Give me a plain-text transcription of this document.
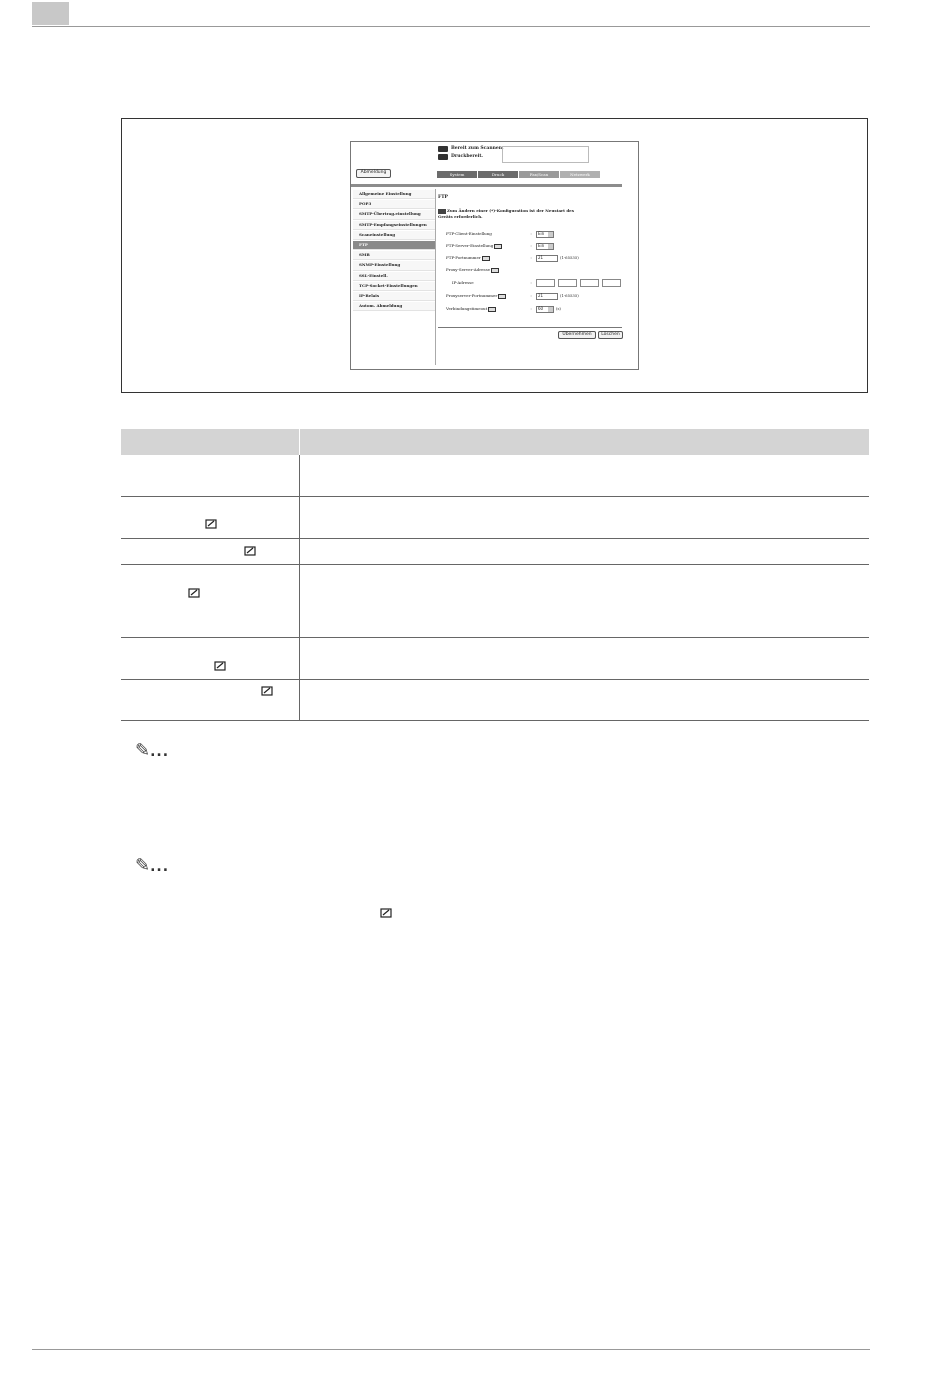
Bereit zum Scannen.
Druckbereit.
Abmeldung	System	Druck	Fax/Scan	Netzwerk
Allgemeine Einstellung
POP3
SMTP-Übertrag.einstellung
SMTP-Empfangseinstellungen
Scaneinstellung
FTP
SMB
SNMP-Einstellung
SSL-Einstell.
TCP-Socket-Einstellungen
IP-Relais
Autom. Abmeldung
FTP
Zum Ändern einer (*)-Konfiguration ist der Neustart des Geräts erforderlich.
FTP-Client-Einstellung	:	Ein
FTP-Server-Einstellung	:	Ein
FTP-Portnummer	:	21	(1-65535)
Proxy-Server-Adresse
IP-Adresse	:
Proxyserver-Portnummer	:	21	(1-65535)
Verbindungstimeout	:	60	(s)
Übernehmen	Löschen
✎...
✎...
